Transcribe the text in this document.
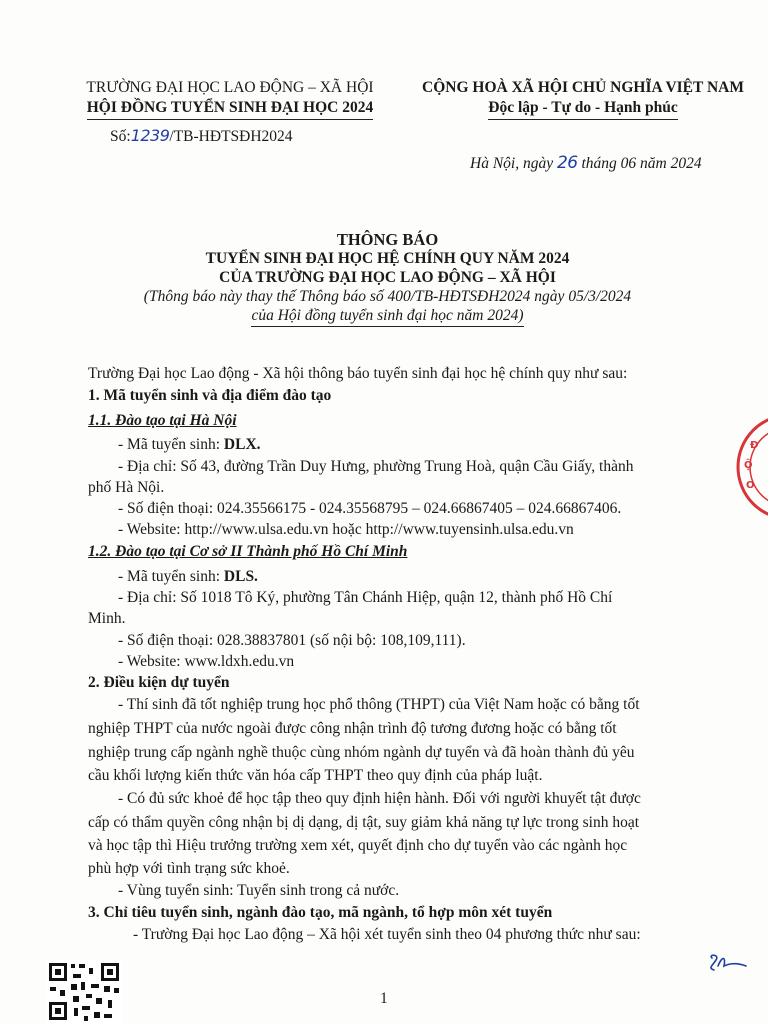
TRƯỜNG ĐẠI HỌC LAO ĐỘNG – XÃ HỘI
HỘI ĐỒNG TUYỂN SINH ĐẠI HỌC 2024
Số:1239/TB-HĐTSĐH2024
CỘNG HOÀ XÃ HỘI CHỦ NGHĨA VIỆT NAM
Độc lập - Tự do - Hạnh phúc
Hà Nội, ngày 26 tháng 06 năm 2024
THÔNG BÁO
TUYỂN SINH ĐẠI HỌC HỆ CHÍNH QUY NĂM 2024
CỦA TRƯỜNG ĐẠI HỌC LAO ĐỘNG – XÃ HỘI
(Thông báo này thay thế Thông báo số 400/TB-HĐTSĐH2024 ngày 05/3/2024
của Hội đồng tuyển sinh đại học năm 2024)
Trường Đại học Lao động - Xã hội thông báo tuyển sinh đại học hệ chính quy như sau:
1. Mã tuyển sinh và địa điểm đào tạo
1.1. Đào tạo tại Hà Nội
- Mã tuyển sinh: DLX.
- Địa chỉ: Số 43, đường Trần Duy Hưng, phường Trung Hoà, quận Cầu Giấy, thành
phố Hà Nội.
- Số điện thoại: 024.35566175 - 024.35568795 – 024.66867405 – 024.66867406.
- Website: http://www.ulsa.edu.vn hoặc http://www.tuyensinh.ulsa.edu.vn
1.2. Đào tạo tại Cơ sở II Thành phố Hồ Chí Minh
- Mã tuyển sinh: DLS.
- Địa chỉ: Số 1018 Tô Ký, phường Tân Chánh Hiệp, quận 12, thành phố Hồ Chí
Minh.
- Số điện thoại: 028.38837801 (số nội bộ: 108,109,111).
- Website: www.ldxh.edu.vn
2. Điều kiện dự tuyển
- Thí sinh đã tốt nghiệp trung học phổ thông (THPT) của Việt Nam hoặc có bằng tốt
nghiệp THPT của nước ngoài được công nhận trình độ tương đương hoặc có bằng tốt
nghiệp trung cấp ngành nghề thuộc cùng nhóm ngành dự tuyển và đã hoàn thành đủ yêu
cầu khối lượng kiến thức văn hóa cấp THPT theo quy định của pháp luật.
- Có đủ sức khoẻ để học tập theo quy định hiện hành. Đối với người khuyết tật được
cấp có thẩm quyền công nhận bị dị dạng, dị tật, suy giảm khả năng tự lực trong sinh hoạt
và học tập thì Hiệu trưởng trường xem xét, quyết định cho dự tuyển vào các ngành học
phù hợp với tình trạng sức khoẻ.
- Vùng tuyển sinh: Tuyển sinh trong cả nước.
3. Chỉ tiêu tuyển sinh, ngành đào tạo, mã ngành, tổ hợp môn xét tuyển
- Trường Đại học Lao động – Xã hội xét tuyển sinh theo 04 phương thức như sau:
Đ
Ộ
O
1
